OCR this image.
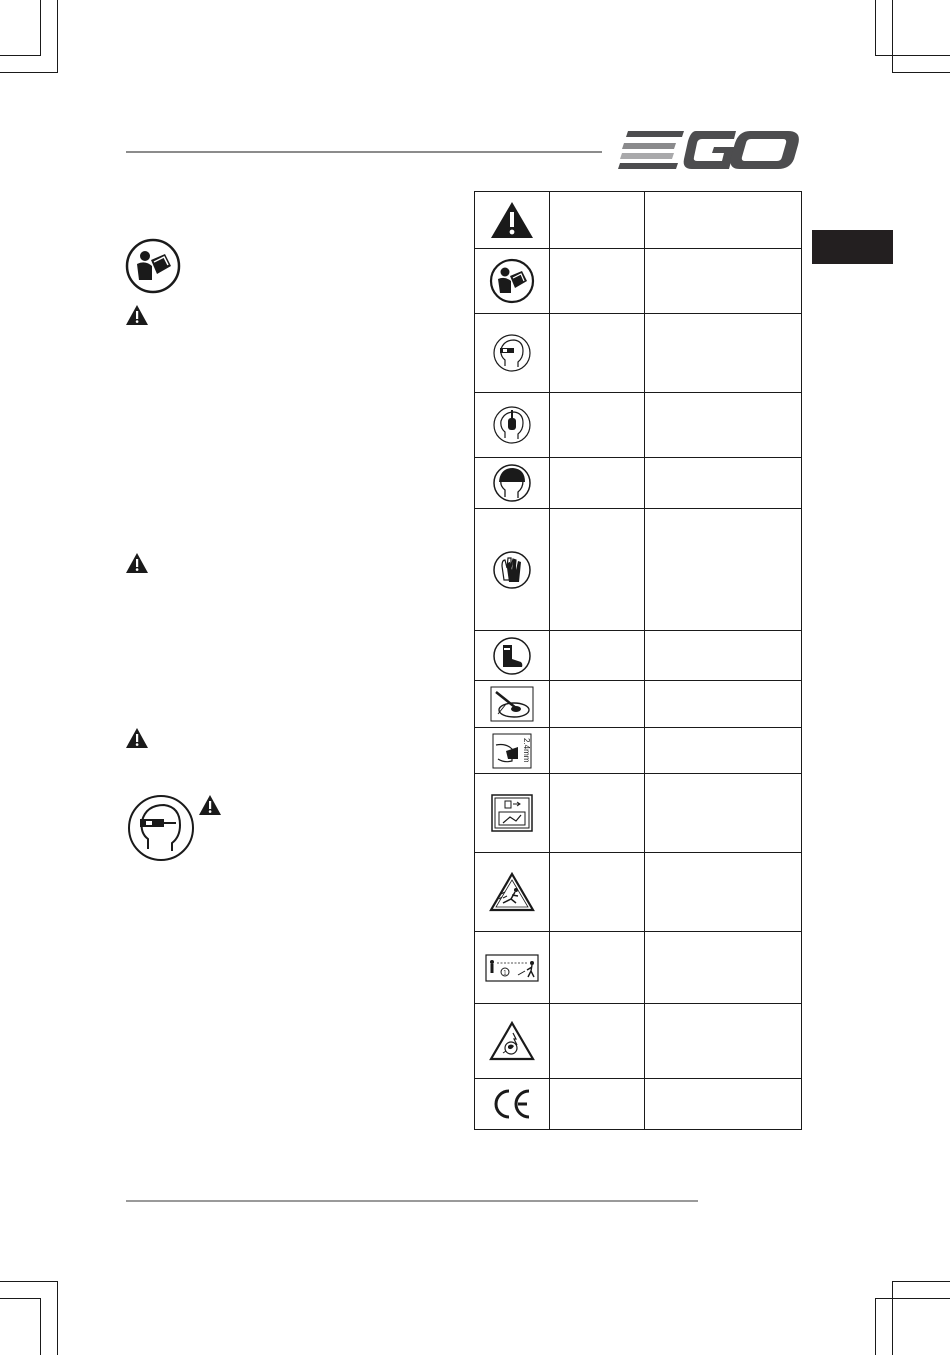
2.4mm		

1		
